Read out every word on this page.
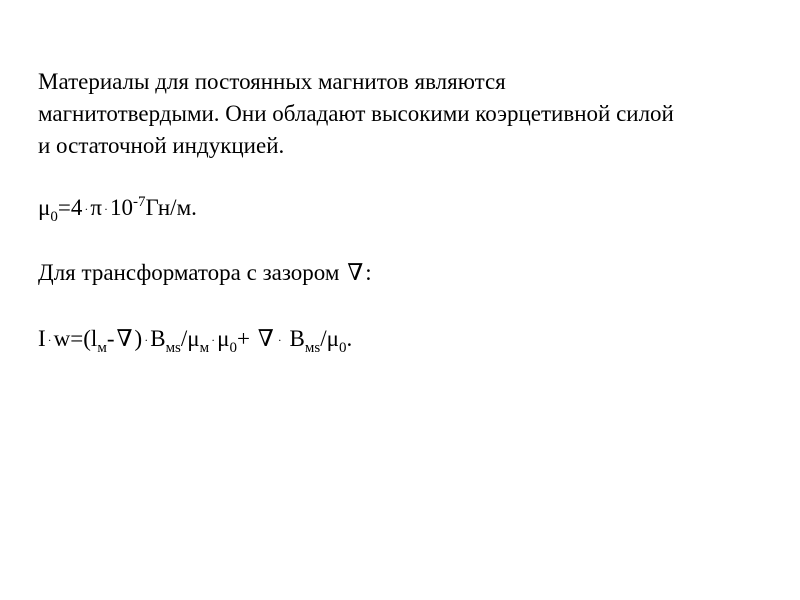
Материалы для постоянных магнитов являются
магнитотвердыми. Они обладают высокими коэрцетивной силой
и остаточной индукцией.
$\mu_0=4 \cdot\pi \cdot 10^{-7}Гн/м$.
Для трансформатора с зазором ∇:
$I \cdot w=(l_м-\nabla) \cdot B_{мs}/\mu_м\cdot\mu_0+$ ∇ · $B_{мs}/\mu_0$.
